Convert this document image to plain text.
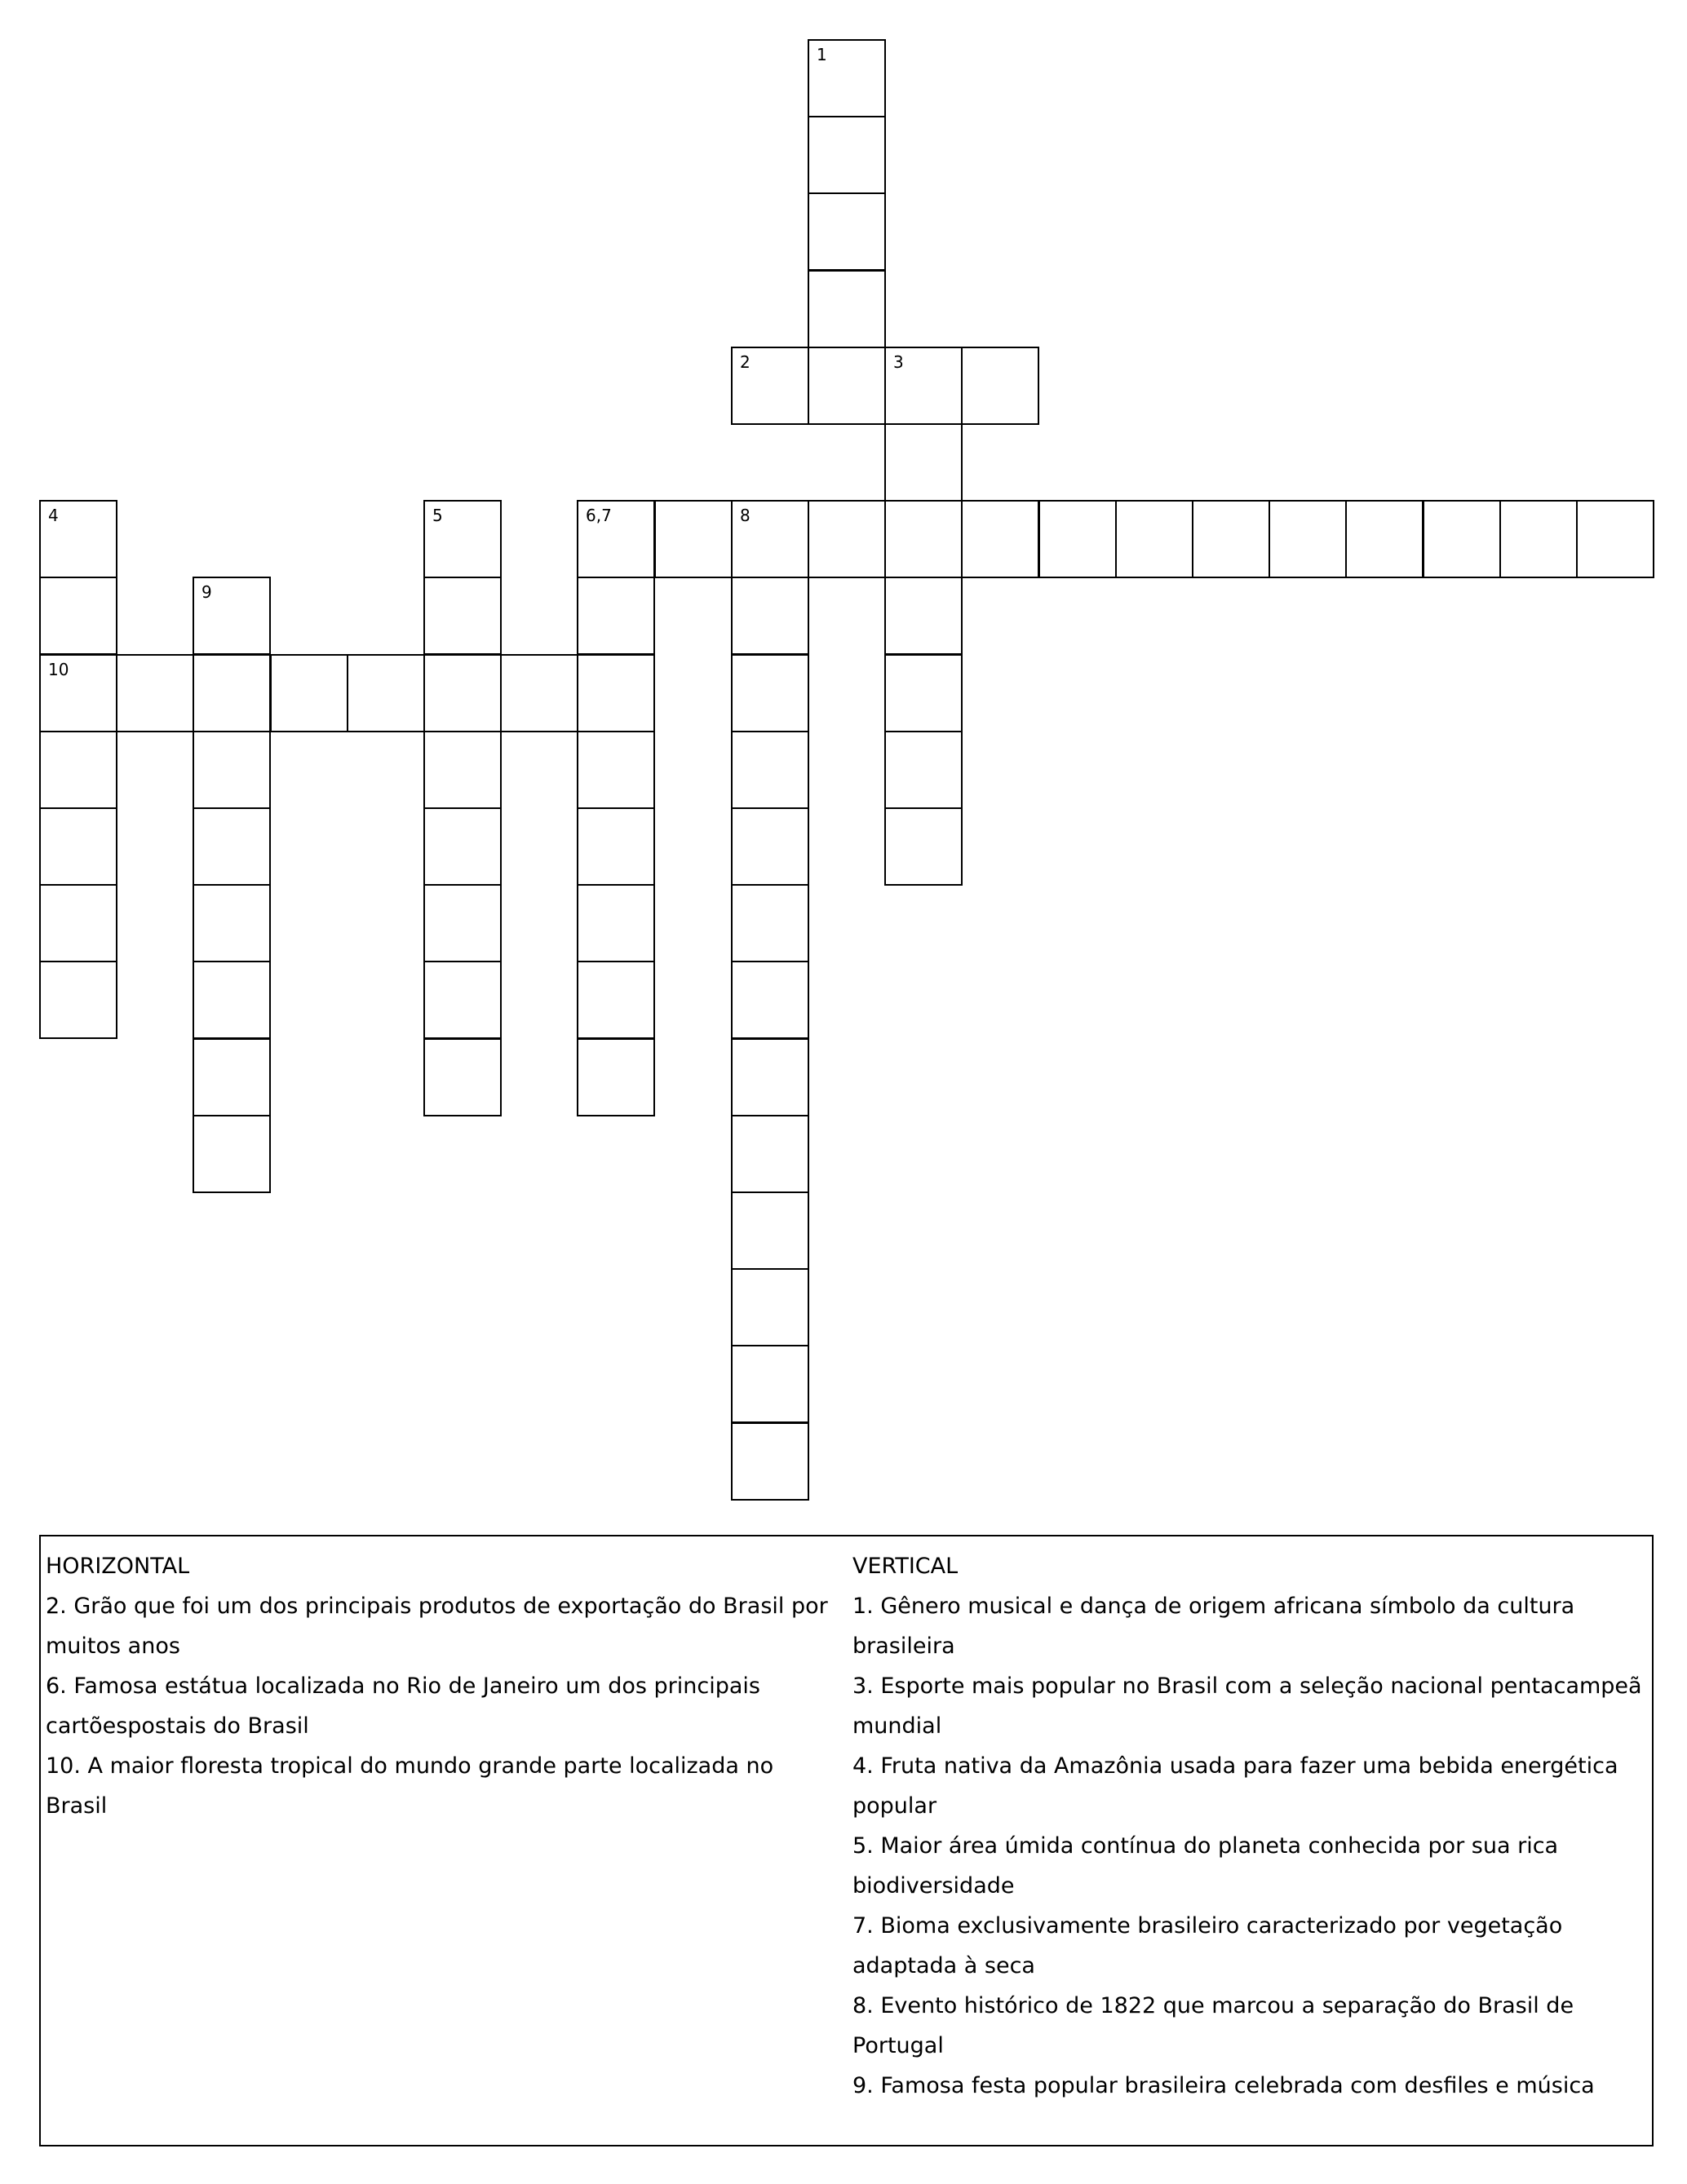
1
2	3
4	5	6,7	8
9
10
HORIZONTAL
2. Grão que foi um dos principais produtos de exportação do Brasil por muitos anos
6. Famosa estátua localizada no Rio de Janeiro um dos principais cartõespostais do Brasil
10. A maior floresta tropical do mundo grande parte localizada no Brasil
VERTICAL
1. Gênero musical e dança de origem africana símbolo da cultura brasileira
3. Esporte mais popular no Brasil com a seleção nacional pentacampeã mundial
4. Fruta nativa da Amazônia usada para fazer uma bebida energética popular
5. Maior área úmida contínua do planeta conhecida por sua rica biodiversidade
7. Bioma exclusivamente brasileiro caracterizado por vegetação adaptada à seca
8. Evento histórico de 1822 que marcou a separação do Brasil de Portugal
9. Famosa festa popular brasileira celebrada com desfiles e música
